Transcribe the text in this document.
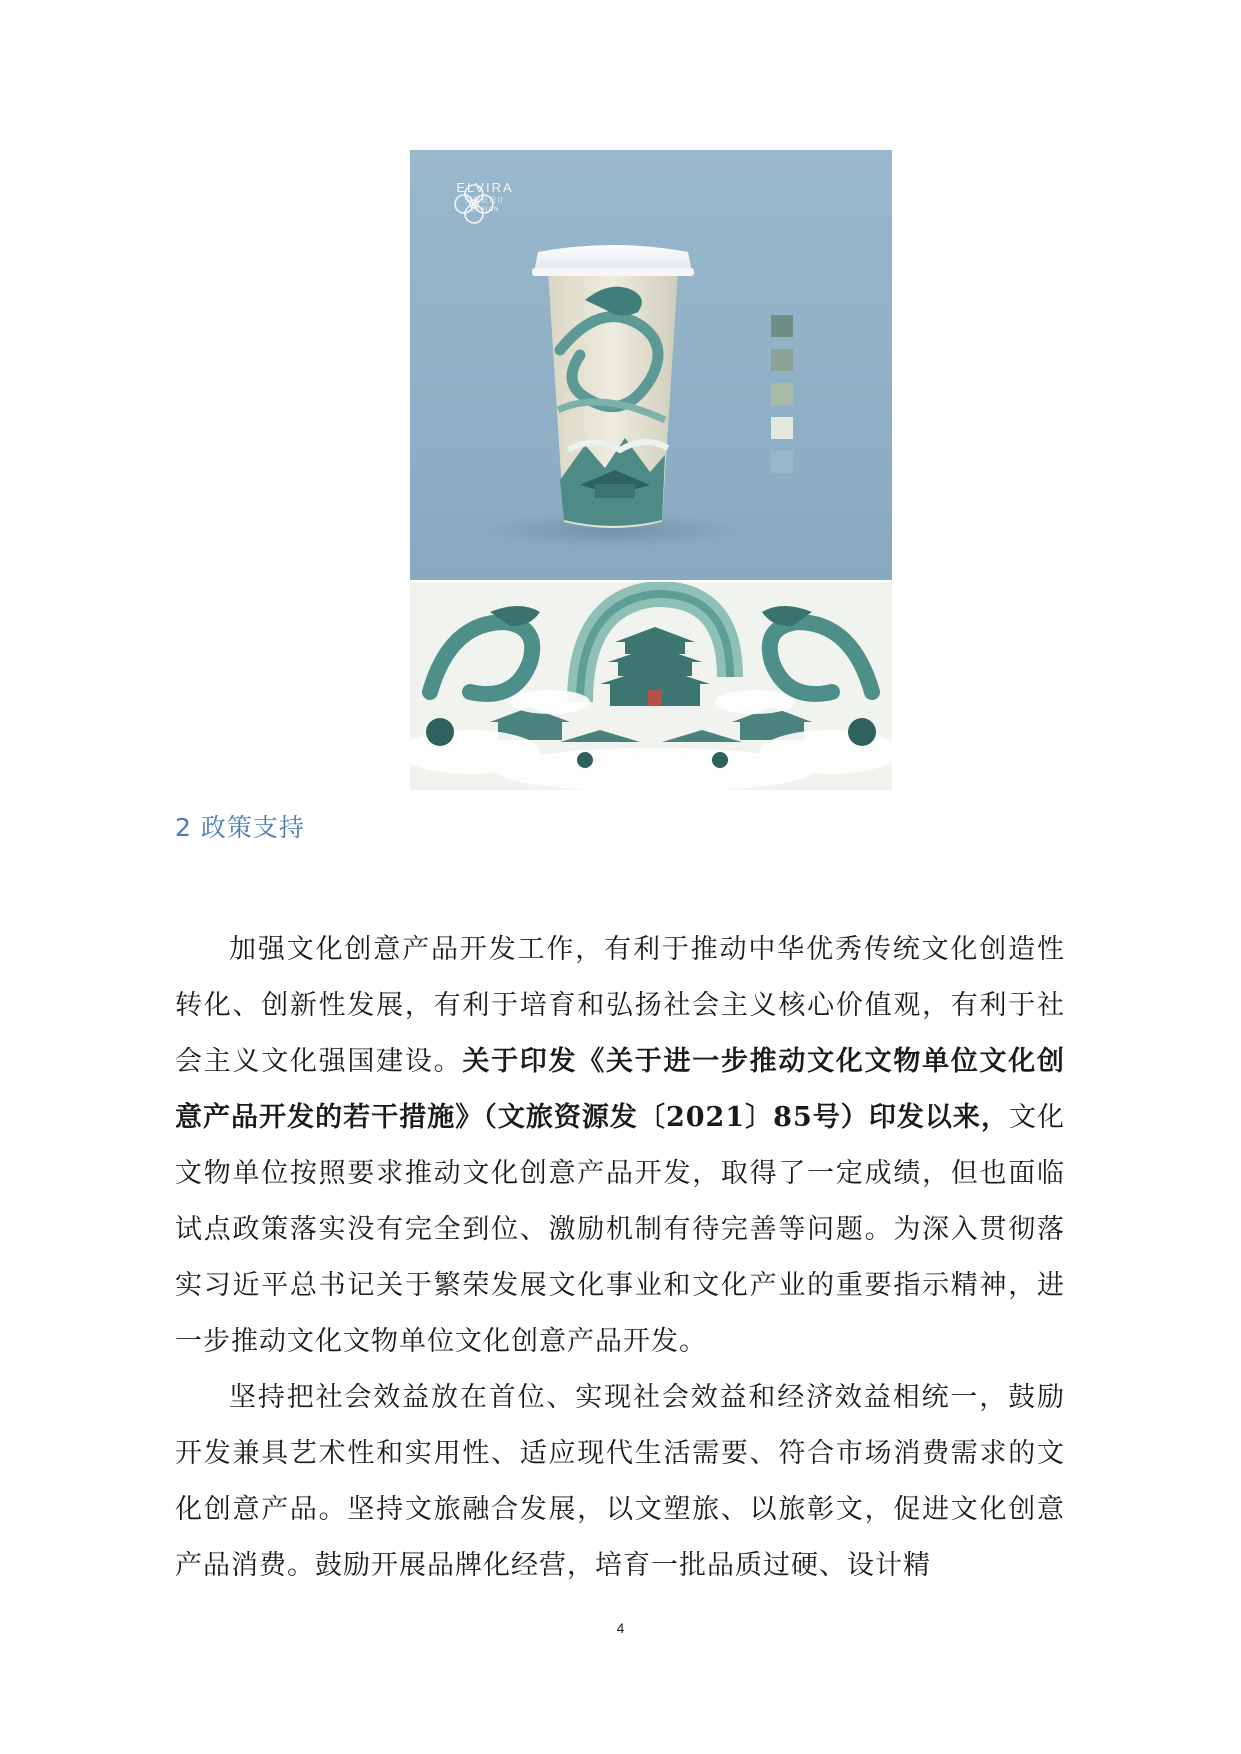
ELVIRA
爱薇拉设计
DESIGN
2 政策支持

加强文化创意产品开发工作，有利于推动中华优秀传统文化创造性转化、创新性发展，有利于培育和弘扬社会主义核心价值观，有利于社会主义文化强国建设。关于印发《关于进一步推动文化文物单位文化创意产品开发的若干措施》（文旅资源发〔2021〕85号）印发以来，文化文物单位按照要求推动文化创意产品开发，取得了一定成绩，但也面临试点政策落实没有完全到位、激励机制有待完善等问题。为深入贯彻落实习近平总书记关于繁荣发展文化事业和文化产业的重要指示精神，进一步推动文化文物单位文化创意产品开发。

坚持把社会效益放在首位、实现社会效益和经济效益相统一，鼓励开发兼具艺术性和实用性、适应现代生活需要、符合市场消费需求的文化创意产品。坚持文旅融合发展，以文塑旅、以旅彰文，促进文化创意产品消费。鼓励开展品牌化经营，培育一批品质过硬、设计精

4
